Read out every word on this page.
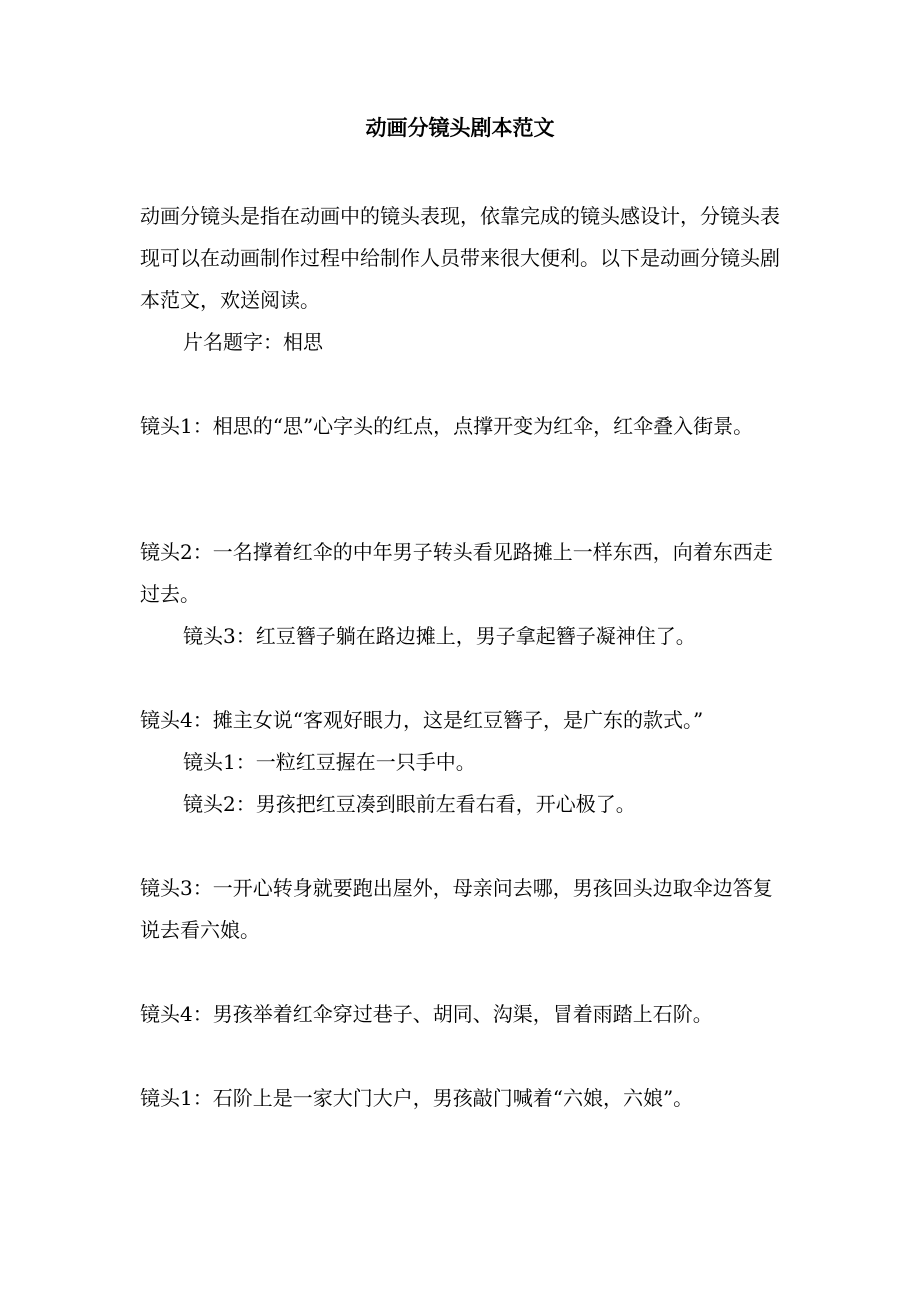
动画分镜头剧本范文

动画分镜头是指在动画中的镜头表现，依靠完成的镜头感设计，分镜头表现可以在动画制作过程中给制作人员带来很大便利。以下是动画分镜头剧本范文，欢送阅读。

片名题字：相思

镜头1：相思的“思”心字头的红点，点撑开变为红伞，红伞叠入街景。

镜头2：一名撑着红伞的中年男子转头看见路摊上一样东西，向着东西走过去。

镜头3：红豆簪子躺在路边摊上，男子拿起簪子凝神住了。

镜头4：摊主女说“客观好眼力，这是红豆簪子，是广东的款式。”

镜头1：一粒红豆握在一只手中。

镜头2：男孩把红豆凑到眼前左看右看，开心极了。

镜头3：一开心转身就要跑出屋外，母亲问去哪，男孩回头边取伞边答复说去看六娘。

镜头4：男孩举着红伞穿过巷子、胡同、沟渠，冒着雨踏上石阶。

镜头1：石阶上是一家大门大户，男孩敲门喊着“六娘，六娘”。
